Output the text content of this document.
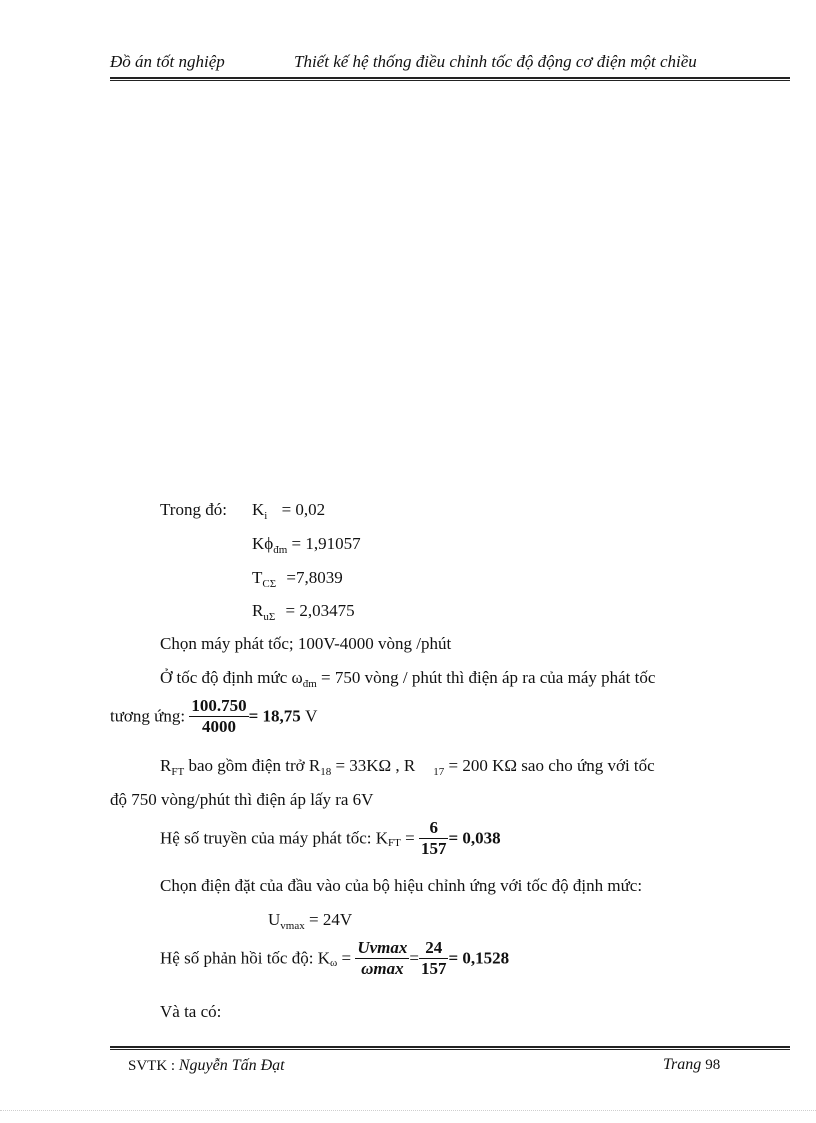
Đồ án tốt nghiệp	Thiết kế hệ thống điều chỉnh tốc độ động cơ điện một chiều
Trong đó: $K_i = 0,02$
$K\phi_{đm} = 1,91057$
$T_{C\Sigma} =7,8039$
$R_{u\Sigma} = 2,03475$
Chọn máy phát tốc; 100V-4000 vòng /phút
Ở tốc độ định mức $\omega_{đm} = 750$ vòng / phút thì điện áp ra của máy phát tốc
tương ứng: $\frac{100.750}{4000} = 18,75$ V
$R_{FT}$ bao gồm điện trở $R_{18} = 33K\Omega$ , R $_{17}$ = 200 KΩ sao cho ứng với tốc
độ 750 vòng/phút thì điện áp lấy ra 6V
Hệ số truyền của máy phát tốc: $K_{FT} = \frac{6}{157} = 0,038$
Chọn điện đặt của đầu vào của bộ hiệu chỉnh ứng với tốc độ định mức:
$U_{vmax} = 24V$
Hệ số phản hồi tốc độ: $K_\omega = \frac{Uvmax}{\omega\max} = \frac{24}{157} = 0,1528$
Và ta có:
SVTK : Nguyễn Tấn Đạt	Trang 98
